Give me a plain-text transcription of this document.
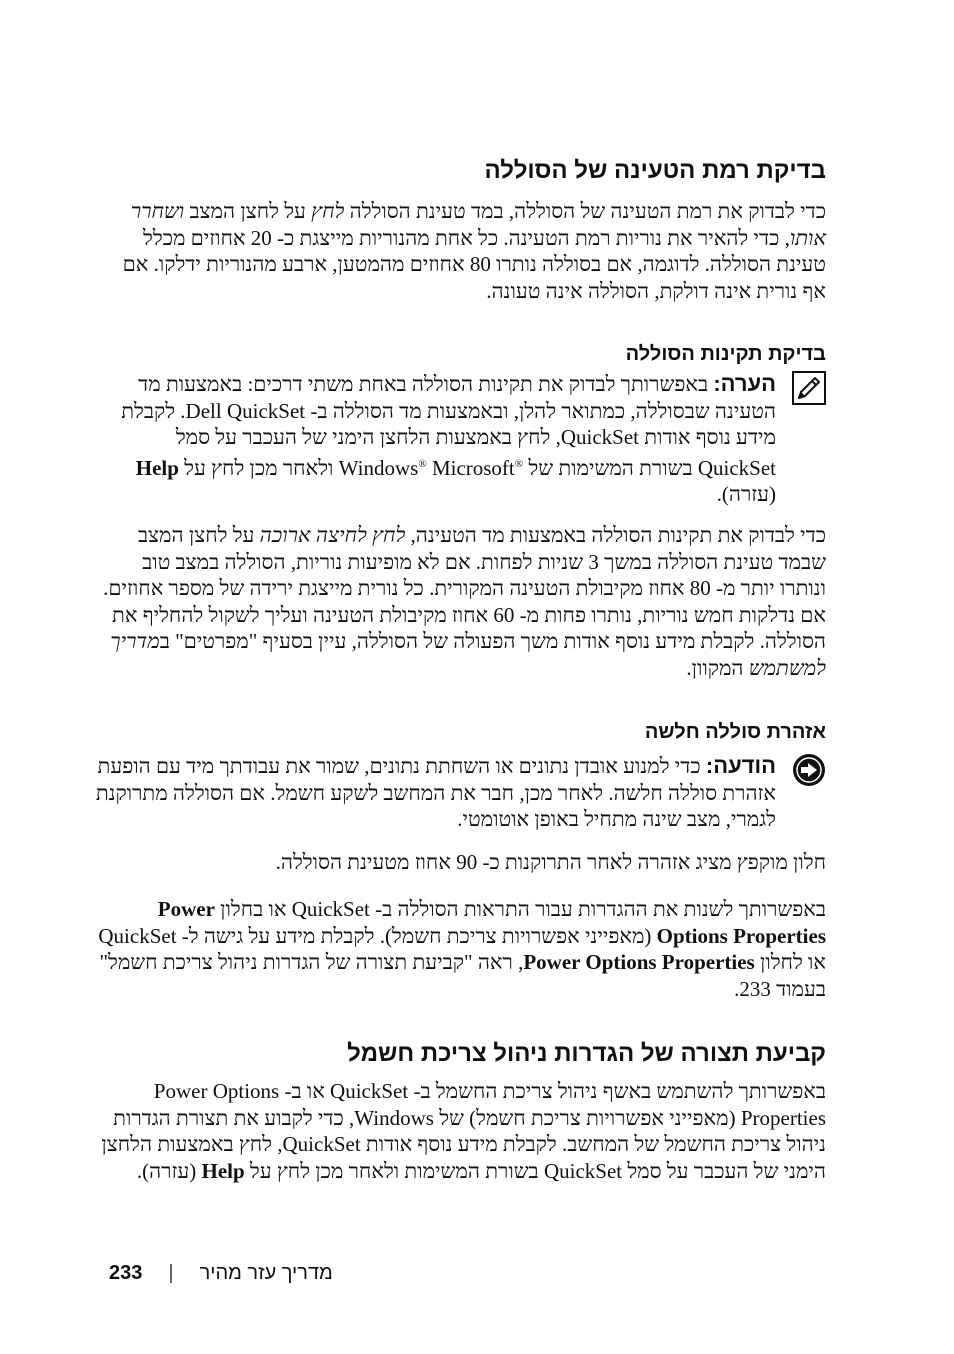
בדיקת רמת הטעינה של הסוללה

כדי לבדוק את רמת הטעינה של הסוללה, במד טעינת הסוללה לחץ על לחצן המצב ושחרר אותו, כדי להאיר את נוריות רמת הטעינה. כל אחת מהנוריות מייצגת כ- 20 אחוזים מכלל טעינת הסוללה. לדוגמה, אם בסוללה נותרו 80 אחוזים מהמטען, ארבע מהנוריות ידלקו. אם אף נורית אינה דולקת, הסוללה אינה טעונה.

בדיקת תקינות הסוללה
הערה: באפשרותך לבדוק את תקינות הסוללה באחת משתי דרכים: באמצעות מד הטעינה שבסוללה, כמתואר להלן, ובאמצעות מד הסוללה ב- Dell QuickSet. לקבלת מידע נוסף אודות QuickSet, לחץ באמצעות הלחצן הימני של העכבר על סמל QuickSet בשורת המשימות של Windows® Microsoft® ולאחר מכן לחץ על Help (עזרה).

כדי לבדוק את תקינות הסוללה באמצעות מד הטעינה, לחץ לחיצה ארוכה על לחצן המצב שבמד טעינת הסוללה במשך 3 שניות לפחות. אם לא מופיעות נוריות, הסוללה במצב טוב ונותרו יותר מ- 80 אחוז מקיבולת הטעינה המקורית. כל נורית מייצגת ירידה של מספר אחוזים. אם נדלקות חמש נוריות, נותרו פחות מ- 60 אחוז מקיבולת הטעינה ועליך לשקול להחליף את הסוללה. לקבלת מידע נוסף אודות משך הפעולה של הסוללה, עיין בסעיף "מפרטים" במדריך למשתמש המקוון.

אזהרת סוללה חלשה
הודעה: כדי למנוע אובדן נתונים או השחתת נתונים, שמור את עבודתך מיד עם הופעת אזהרת סוללה חלשה. לאחר מכן, חבר את המחשב לשקע חשמל. אם הסוללה מתרוקנת לגמרי, מצב שינה מתחיל באופן אוטומטי.

חלון מוקפץ מציג אזהרה לאחר התרוקנות כ- 90 אחוז מטעינת הסוללה.

באפשרותך לשנות את ההגדרות עבור התראות הסוללה ב- QuickSet או בחלון Power Options Properties (מאפייני אפשרויות צריכת חשמל). לקבלת מידע על גישה ל- QuickSet או לחלון Power Options Properties, ראה "קביעת תצורה של הגדרות ניהול צריכת חשמל" בעמוד 233.

קביעת תצורה של הגדרות ניהול צריכת חשמל

באפשרותך להשתמש באשף ניהול צריכת החשמל ב- QuickSet או ב- Power Options Properties (מאפייני אפשרויות צריכת חשמל) של Windows, כדי לקבוע את תצורת הגדרות ניהול צריכת החשמל של המחשב. לקבלת מידע נוסף אודות QuickSet, לחץ באמצעות הלחצן הימני של העכבר על סמל QuickSet בשורת המשימות ולאחר מכן לחץ על Help (עזרה).

233 | מדריך עזר מהיר
